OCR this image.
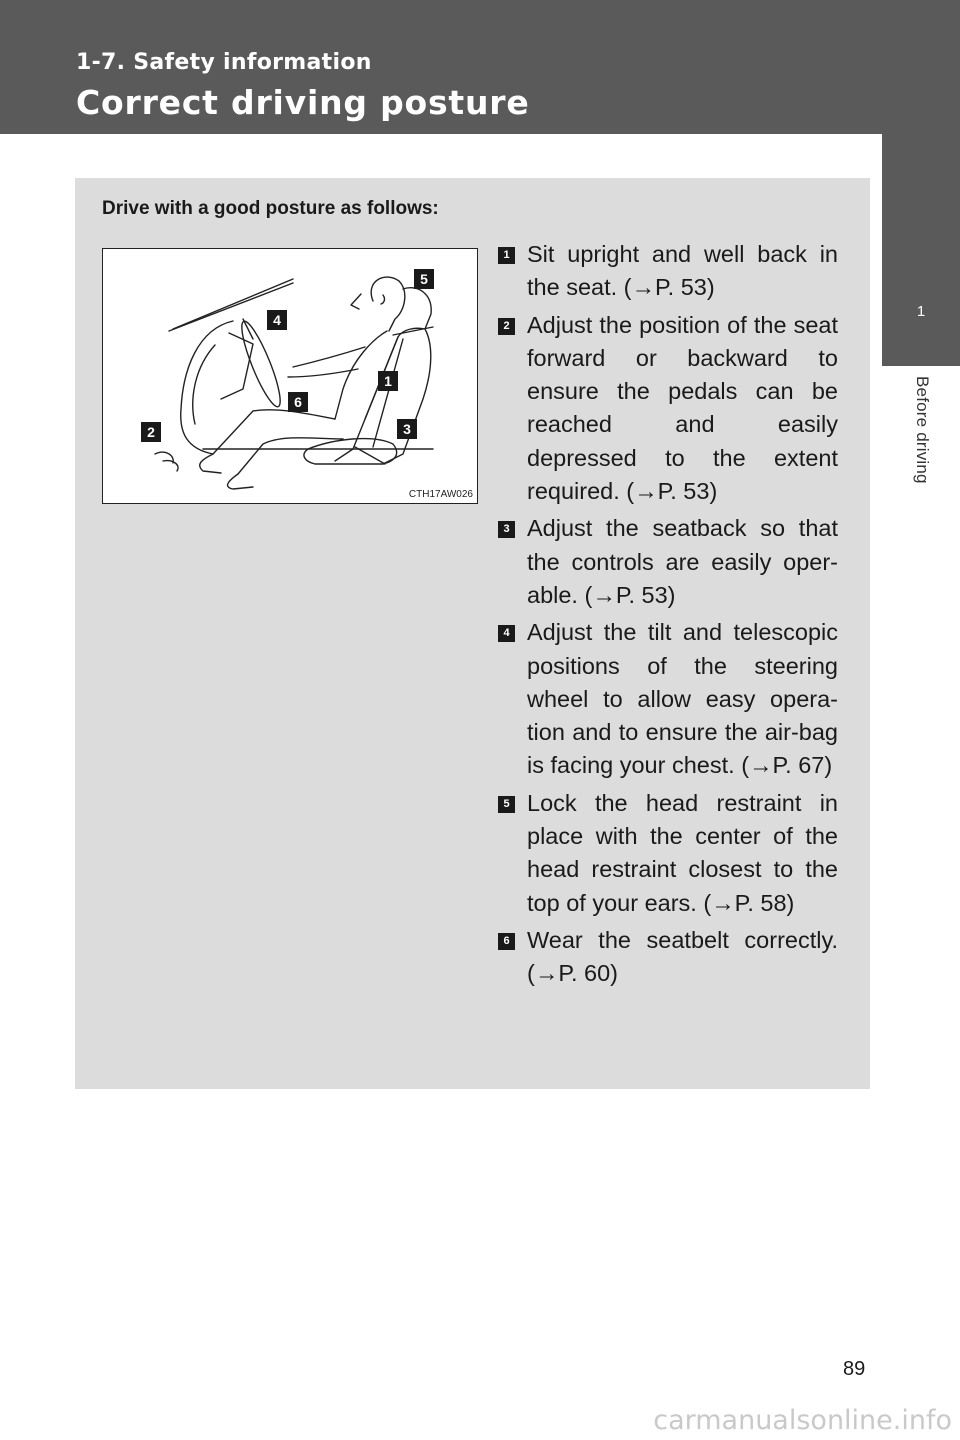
1-7. Safety information
Correct driving posture
1
Before driving
Drive with a good posture as follows:
5
4
1
6
3
2
CTH17AW026
1 Sit upright and well back in the seat. (→P. 53)
2 Adjust the position of the seat forward or backward to ensure the pedals can be reached and easily depressed to the extent required. (→P. 53)
3 Adjust the seatback so that the controls are easily oper-able. (→P. 53)
4 Adjust the tilt and telescopic positions of the steering wheel to allow easy opera-tion and to ensure the air-bag is facing your chest. (→P. 67)
5 Lock the head restraint in place with the center of the head restraint closest to the top of your ears. (→P. 58)
6 Wear the seatbelt correctly. (→P. 60)
89
carmanualsonline.info
